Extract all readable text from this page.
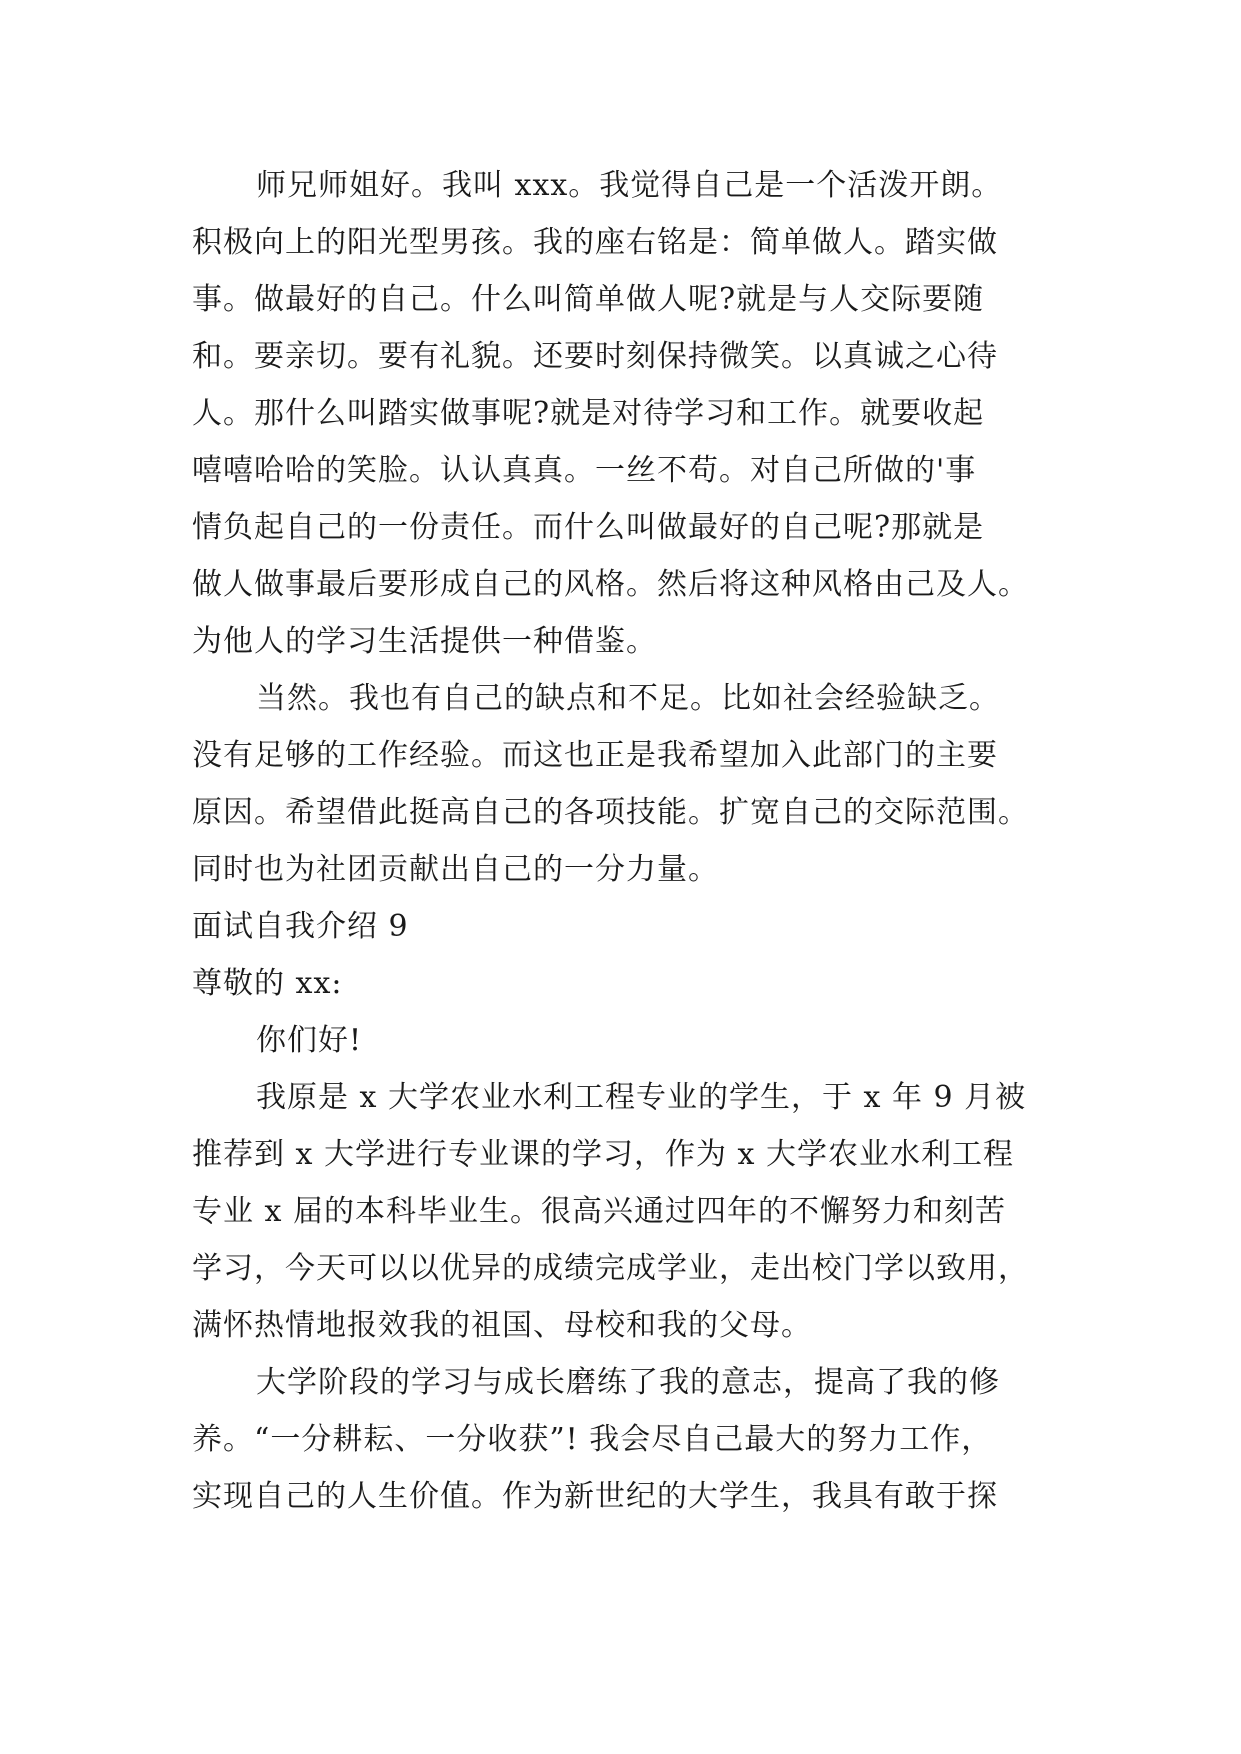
师兄师姐好。我叫 xxx。我觉得自己是一个活泼开朗。
积极向上的阳光型男孩。我的座右铭是：简单做人。踏实做
事。做最好的自己。什么叫简单做人呢?就是与人交际要随
和。要亲切。要有礼貌。还要时刻保持微笑。以真诚之心待
人。那什么叫踏实做事呢?就是对待学习和工作。就要收起
嘻嘻哈哈的笑脸。认认真真。一丝不苟。对自己所做的'事
情负起自己的一份责任。而什么叫做最好的自己呢?那就是
做人做事最后要形成自己的风格。然后将这种风格由己及人。
为他人的学习生活提供一种借鉴。
当然。我也有自己的缺点和不足。比如社会经验缺乏。
没有足够的工作经验。而这也正是我希望加入此部门的主要
原因。希望借此挺高自己的各项技能。扩宽自己的交际范围。
同时也为社团贡献出自己的一分力量。
面试自我介绍 9
尊敬的 xx:
你们好!
我原是 x 大学农业水利工程专业的学生，于 x 年 9 月被
推荐到 x 大学进行专业课的学习，作为 x 大学农业水利工程
专业 x 届的本科毕业生。很高兴通过四年的不懈努力和刻苦
学习，今天可以以优异的成绩完成学业，走出校门学以致用，
满怀热情地报效我的祖国、母校和我的父母。
大学阶段的学习与成长磨练了我的意志，提高了我的修
养。“一分耕耘、一分收获”! 我会尽自己最大的努力工作，
实现自己的人生价值。作为新世纪的大学生，我具有敢于探
